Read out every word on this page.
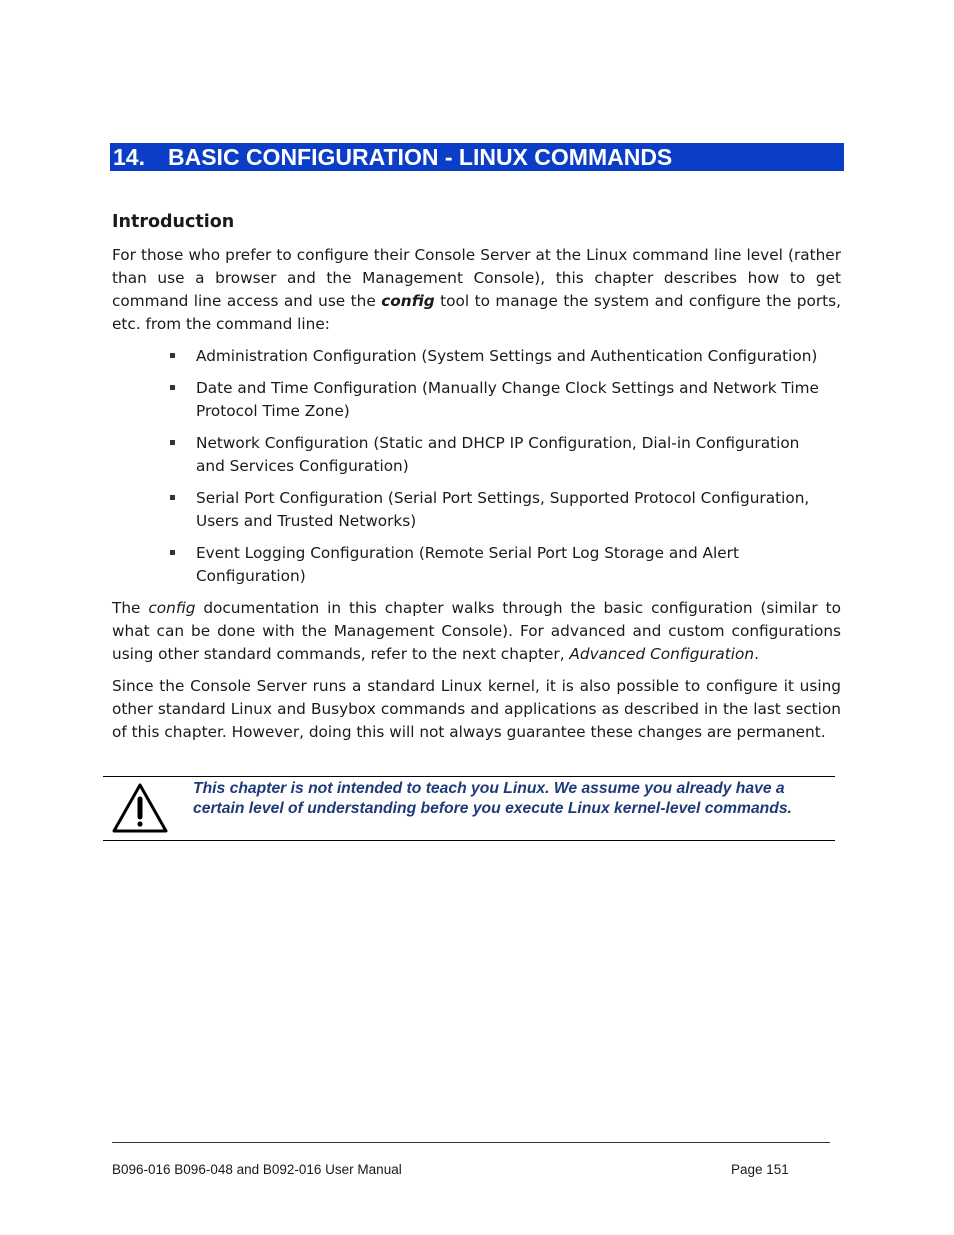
14. BASIC CONFIGURATION - LINUX COMMANDS
Introduction

For those who prefer to configure their Console Server at the Linux command line level (rather than use a browser and the Management Console), this chapter describes how to get command line access and use the config tool to manage the system and configure the ports, etc. from the command line:

Administration Configuration (System Settings and Authentication Configuration)
Date and Time Configuration (Manually Change Clock Settings and Network Time Protocol Time Zone)
Network Configuration (Static and DHCP IP Configuration, Dial-in Configuration and Services Configuration)
Serial Port Configuration (Serial Port Settings, Supported Protocol Configuration, Users and Trusted Networks)
Event Logging Configuration (Remote Serial Port Log Storage and Alert Configuration)

The config documentation in this chapter walks through the basic configuration (similar to what can be done with the Management Console). For advanced and custom configurations using other standard commands, refer to the next chapter, Advanced Configuration.

Since the Console Server runs a standard Linux kernel, it is also possible to configure it using other standard Linux and Busybox commands and applications as described in the last section of this chapter. However, doing this will not always guarantee these changes are permanent.

This chapter is not intended to teach you Linux. We assume you already have a certain level of understanding before you execute Linux kernel-level commands.
B096-016 B096-048 and B092-016 User Manual	Page 151
